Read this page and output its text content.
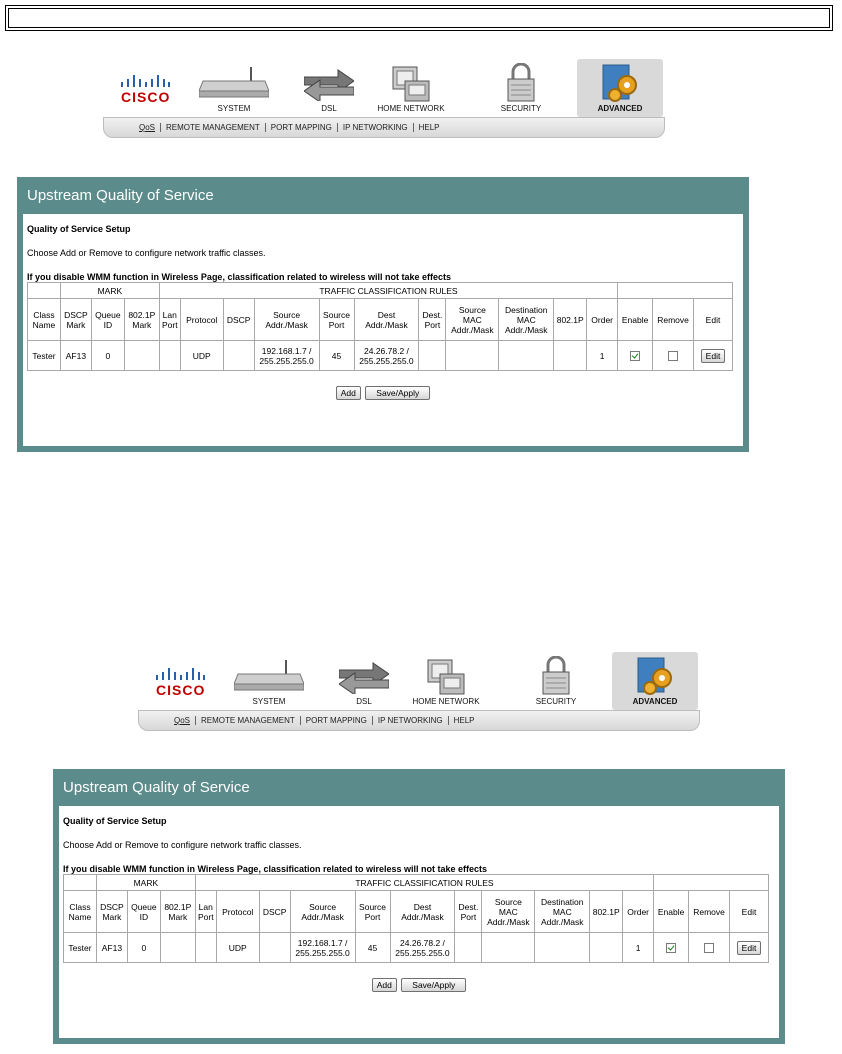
CISCO
SYSTEM	DSL	HOME NETWORK	SECURITY	ADVANCED
QoS REMOTE MANAGEMENT PORT MAPPING IP NETWORKING HELP
Upstream Quality of Service
Quality of Service Setup
Choose Add or Remove to configure network traffic classes.
If you disable WMM function in Wireless Page, classification related to wireless will not take effects
	MARK			TRAFFIC CLASSIFICATION RULES													
Class Name	DSCP Mark	Queue ID	802.1P Mark	Lan Port	Protocol	DSCP	Source Addr./Mask	Source Port	Dest Addr./Mask	Dest. Port	Source MAC Addr./Mask	Destination MAC Addr./Mask	802.1P	Order	Enable	Remove	Edit
Tester	AF13	0			UDP		192.168.1.7 / 255.255.255.0	45	24.26.78.2 / 255.255.255.0					1			Edit
Add Save/Apply
CISCO
SYSTEM	DSL	HOME NETWORK	SECURITY	ADVANCED
QoS REMOTE MANAGEMENT PORT MAPPING IP NETWORKING HELP
Upstream Quality of Service
Quality of Service Setup
Choose Add or Remove to configure network traffic classes.
If you disable WMM function in Wireless Page, classification related to wireless will not take effects
	MARK			TRAFFIC CLASSIFICATION RULES													
Class Name	DSCP Mark	Queue ID	802.1P Mark	Lan Port	Protocol	DSCP	Source Addr./Mask	Source Port	Dest Addr./Mask	Dest. Port	Source MAC Addr./Mask	Destination MAC Addr./Mask	802.1P	Order	Enable	Remove	Edit
Tester	AF13	0			UDP		192.168.1.7 / 255.255.255.0	45	24.26.78.2 / 255.255.255.0					1			Edit
Add Save/Apply
